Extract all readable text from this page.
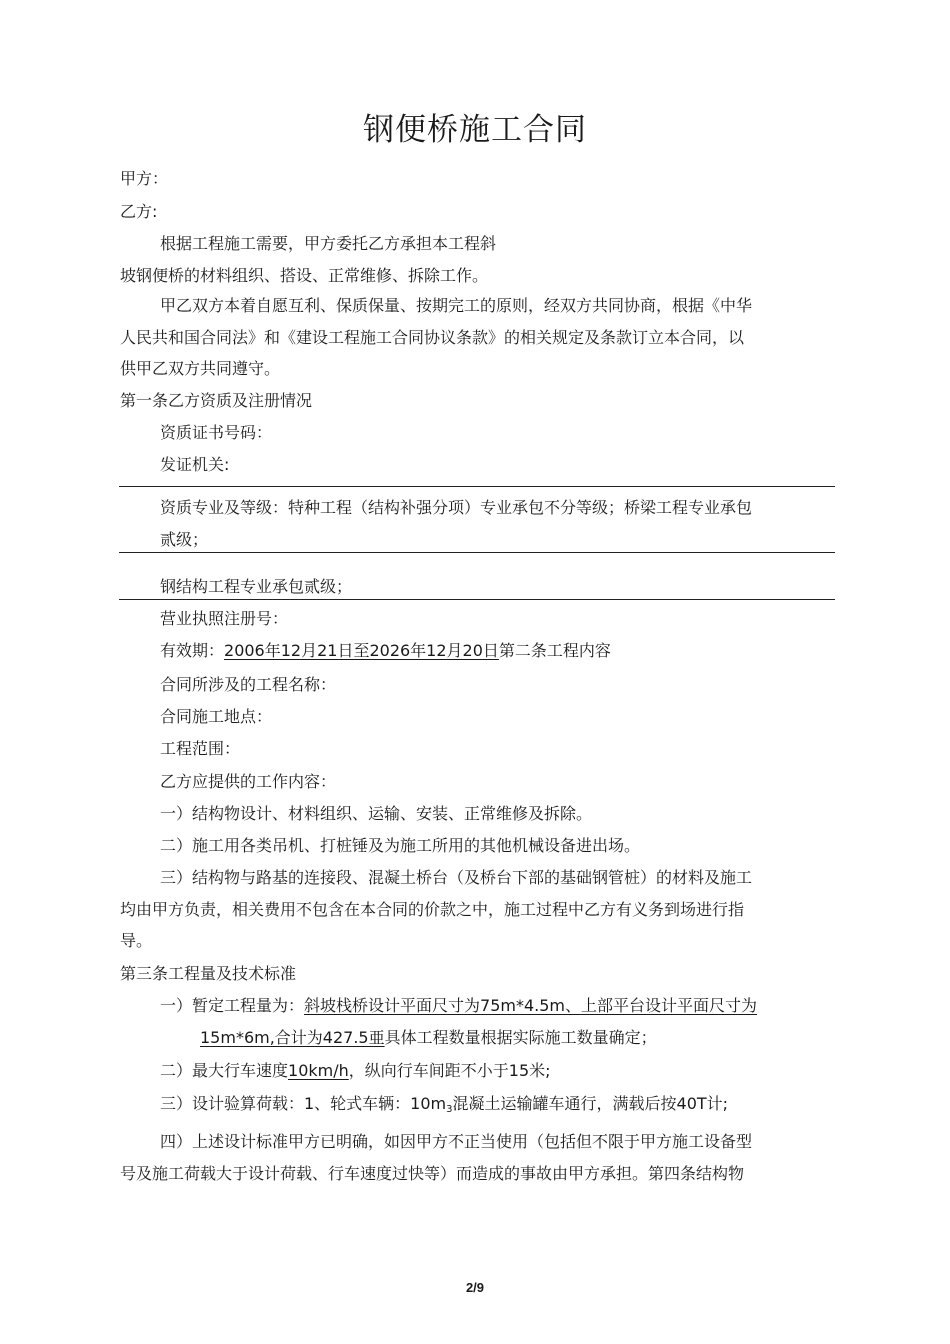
钢便桥施工合同
甲方：
乙方:
根据工程施工需要，甲方委托乙方承担本工程斜
坡钢便桥的材料组织、搭设、正常维修、拆除工作。
甲乙双方本着自愿互利、保质保量、按期完工的原则，经双方共同协商，根据《中华
人民共和国合同法》和《建设工程施工合同协议条款》的相关规定及条款订立本合同，以
供甲乙双方共同遵守。
第一条乙方资质及注册情况
资质证书号码：
发证机关:
资质专业及等级：特种工程（结构补强分项）专业承包不分等级；桥梁工程专业承包
贰级；
钢结构工程专业承包贰级；
营业执照注册号：
有效期：2006年12月21日至2026年12月20日第二条工程内容
合同所涉及的工程名称：
合同施工地点：
工程范围：
乙方应提供的工作内容：
一）结构物设计、材料组织、运输、安装、正常维修及拆除。
二）施工用各类吊机、打桩锤及为施工所用的其他机械设备进出场。
三）结构物与路基的连接段、混凝土桥台（及桥台下部的基础钢管桩）的材料及施工
均由甲方负责，相关费用不包含在本合同的价款之中，施工过程中乙方有义务到场进行指
导。
第三条工程量及技术标准
一）暂定工程量为：斜坡栈桥设计平面尺寸为75m*4.5m、上部平台设计平面尺寸为
15m*6m,合计为427.5亜具体工程数量根据实际施工数量确定；
二）最大行车速度10km/h，纵向行车间距不小于15米;
三）设计验算荷载：1、轮式车辆：$10m_3$混凝土运输罐车通行，满载后按40T计;
四）上述设计标准甲方已明确，如因甲方不正当使用（包括但不限于甲方施工设备型
号及施工荷载大于设计荷载、行车速度过快等）而造成的事故由甲方承担。第四条结构物
2/9
